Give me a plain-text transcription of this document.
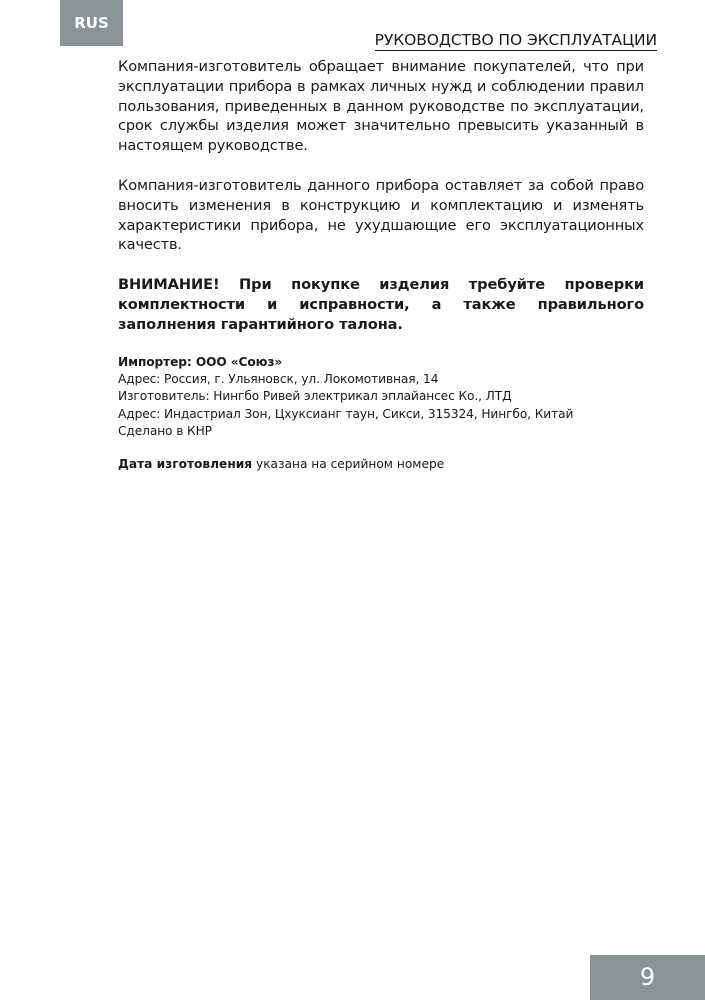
RUS
РУКОВОДСТВО ПО ЭКСПЛУАТАЦИИ

Компания-изготовитель обращает внимание покупателей, что при эксплуатации прибора в рамках личных нужд и соблюдении правил пользования, приведенных в данном руководстве по эксплуатации, срок службы изделия может значительно превысить указанный в настоящем руководстве.

Компания-изготовитель данного прибора оставляет за собой право вносить изменения в конструкцию и комплектацию и изменять характеристики прибора, не ухудшающие его эксплуатационных качеств.

ВНИМАНИЕ! При покупке изделия требуйте проверки комплектности и исправности, а также правильного заполнения гарантийного талона.

Импортер: ООО «Союз»
Адрес: Россия, г. Ульяновск, ул. Локомотивная, 14
Изготовитель: Нингбо Ривей электрикал эплайансес Ко., ЛТД
Адрес: Индастриал Зон, Цхуксианг таун, Сикси, 315324, Нингбо, Китай
Сделано в КНР
Дата изготовления указана на серийном номере
9
